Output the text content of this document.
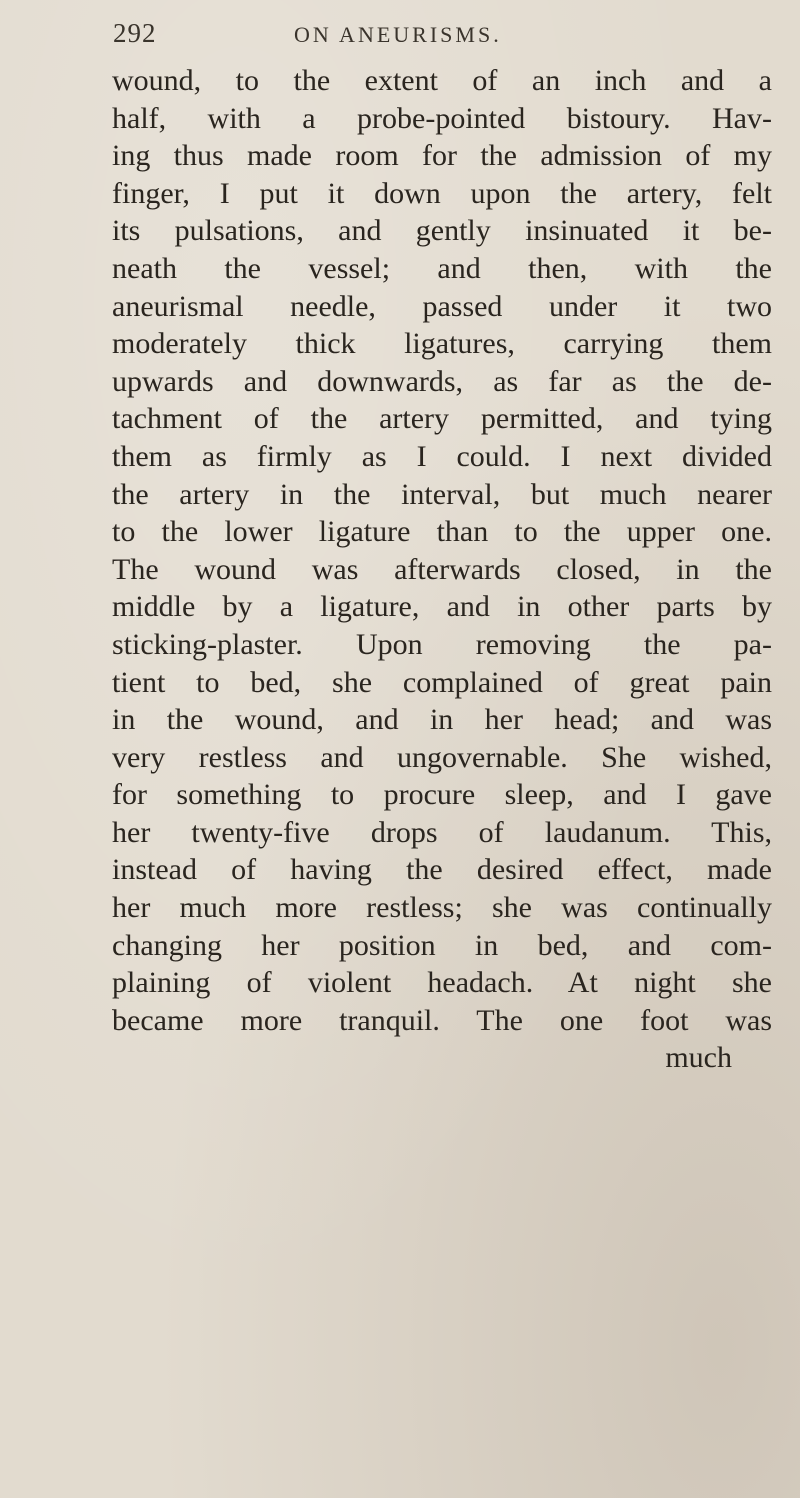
292	ON ANEURISMS.
wound, to the extent of an inch and a
half, with a probe-pointed bistoury. Hav-
ing thus made room for the admission of my
finger, I put it down upon the artery, felt
its pulsations, and gently insinuated it be-
neath the vessel; and then, with the
aneurismal needle, passed under it two
moderately thick ligatures, carrying them
upwards and downwards, as far as the de-
tachment of the artery permitted, and tying
them as firmly as I could. I next divided
the artery in the interval, but much nearer
to the lower ligature than to the upper one.
The wound was afterwards closed, in the
middle by a ligature, and in other parts by
sticking-plaster. Upon removing the pa-
tient to bed, she complained of great pain
in the wound, and in her head; and was
very restless and ungovernable. She wished,
for something to procure sleep, and I gave
her twenty-five drops of laudanum. This,
instead of having the desired effect, made
her much more restless; she was continually
changing her position in bed, and com-
plaining of violent headach. At night she
became more tranquil. The one foot was
much
